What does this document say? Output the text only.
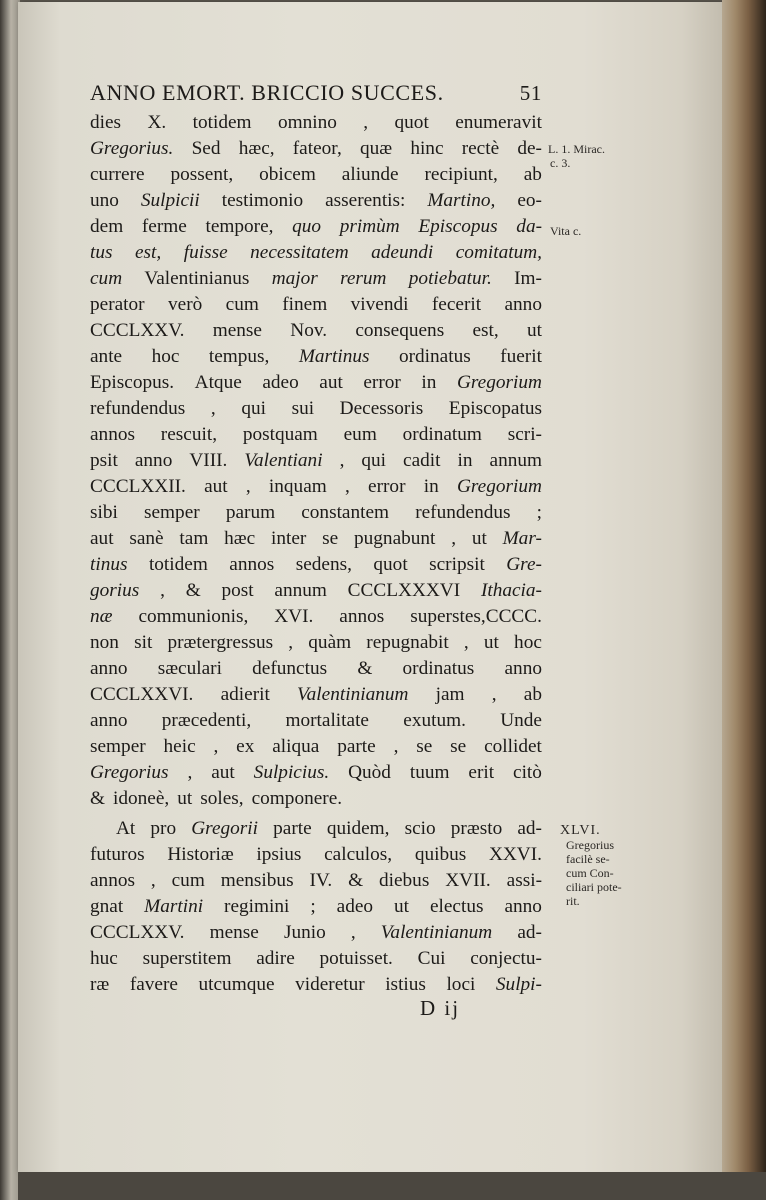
ANNO EMORT. BRICCIO SUCCES.	51
dies X. totidem omnino , quot enumeravit
Gregorius. Sed hæc, fateor, quæ hinc rectè de-
currere possent, obicem aliunde recipiunt, ab
uno Sulpicii testimonio asserentis: Martino, eo-
dem ferme tempore, quo primùm Episcopus da-
tus est, fuisse necessitatem adeundi comitatum,
cum Valentinianus major rerum potiebatur. Im-
perator verò cum finem vivendi fecerit anno
CCCLXXV. mense Nov. consequens est, ut
ante hoc tempus, Martinus ordinatus fuerit
Episcopus. Atque adeo aut error in Gregorium
refundendus , qui sui Decessoris Episcopatus
annos rescuit, postquam eum ordinatum scri-
psit anno VIII. Valentiani , qui cadit in annum
CCCLXXII. aut , inquam , error in Gregorium
sibi semper parum constantem refundendus ;
aut sanè tam hæc inter se pugnabunt , ut Mar-
tinus totidem annos sedens, quot scripsit Gre-
gorius , & post annum CCCLXXXVI Ithacia-
næ communionis, XVI. annos superstes,CCCC.
non sit prætergressus , quàm repugnabit , ut hoc
anno sæculari defunctus & ordinatus anno
CCCLXXVI. adierit Valentinianum jam , ab
anno præcedenti, mortalitate exutum. Unde
semper heic , ex aliqua parte , se se collidet
Gregorius , aut Sulpicius. Quòd tuum erit citò
& idoneè, ut soles, componere.
At pro Gregorii parte quidem, scio præsto ad-
futuros Historiæ ipsius calculos, quibus XXVI.
annos , cum mensibus IV. & diebus XVII. assi-
gnat Martini regimini ; adeo ut electus anno
CCCLXXV. mense Junio , Valentinianum ad-
huc superstitem adire potuisset. Cui conjectu-
ræ favere utcumque videretur istius loci Sulpi-
D ij
L. 1. Mirac.
c. 3.
Vita c.
XLVI.
Gregorius
facilè se-
cum Con-
ciliari pote-
rit.
